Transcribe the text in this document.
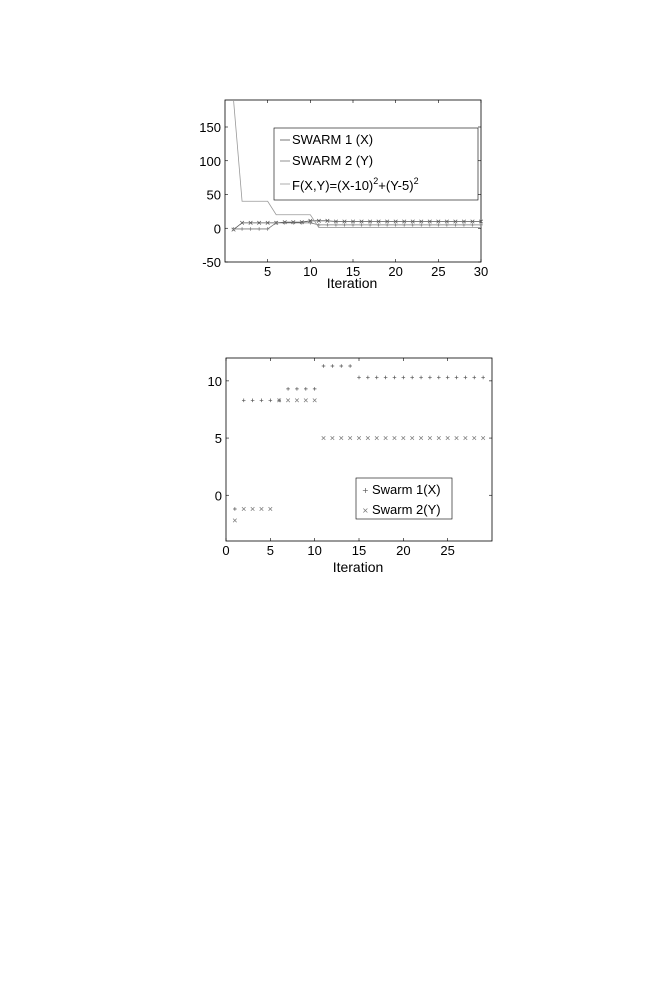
5 10 15 20 25 30
-50
0
50
100
150
Iteration
SWARM 1 (X)
SWARM 2 (Y)
$F(X,Y)=(X-10)^2+(Y-5)^2$
0	5	10 15 20 25
0
5
10
Iteration
+ Swarm 1(X)
× Swarm 2(Y)
